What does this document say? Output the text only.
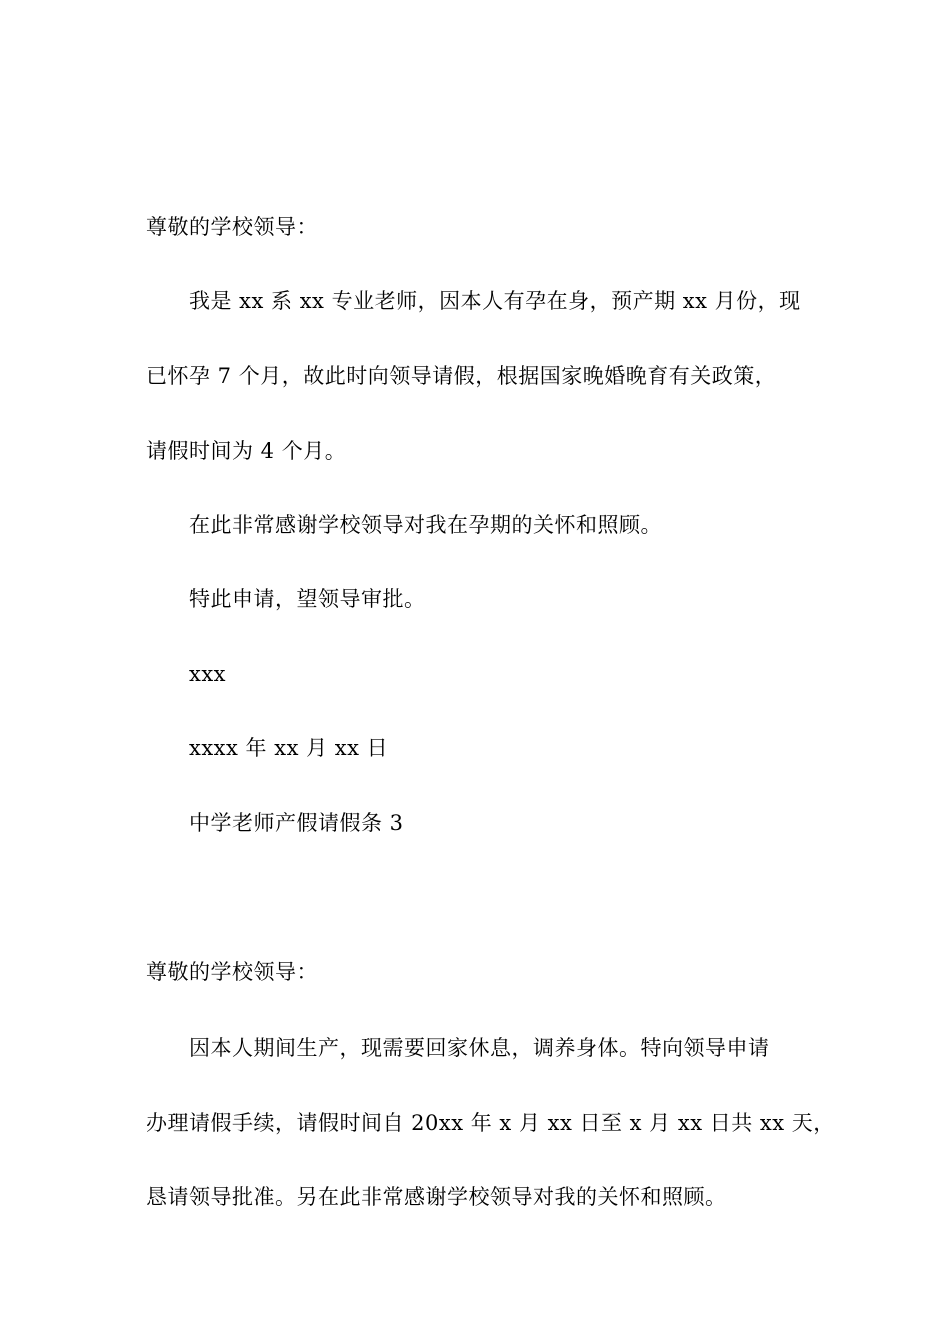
尊敬的学校领导：
我是 xx 系 xx 专业老师，因本人有孕在身，预产期 xx 月份，现
已怀孕 7 个月，故此时向领导请假，根据国家晚婚晚育有关政策，
请假时间为 4 个月。
在此非常感谢学校领导对我在孕期的关怀和照顾。
特此申请，望领导审批。
xxx
xxxx 年 xx 月 xx 日
中学老师产假请假条 3
尊敬的学校领导：
因本人期间生产，现需要回家休息，调养身体。特向领导申请
办理请假手续，请假时间自 20xx 年 x 月 xx 日至 x 月 xx 日共 xx 天，
恳请领导批准。另在此非常感谢学校领导对我的关怀和照顾。
